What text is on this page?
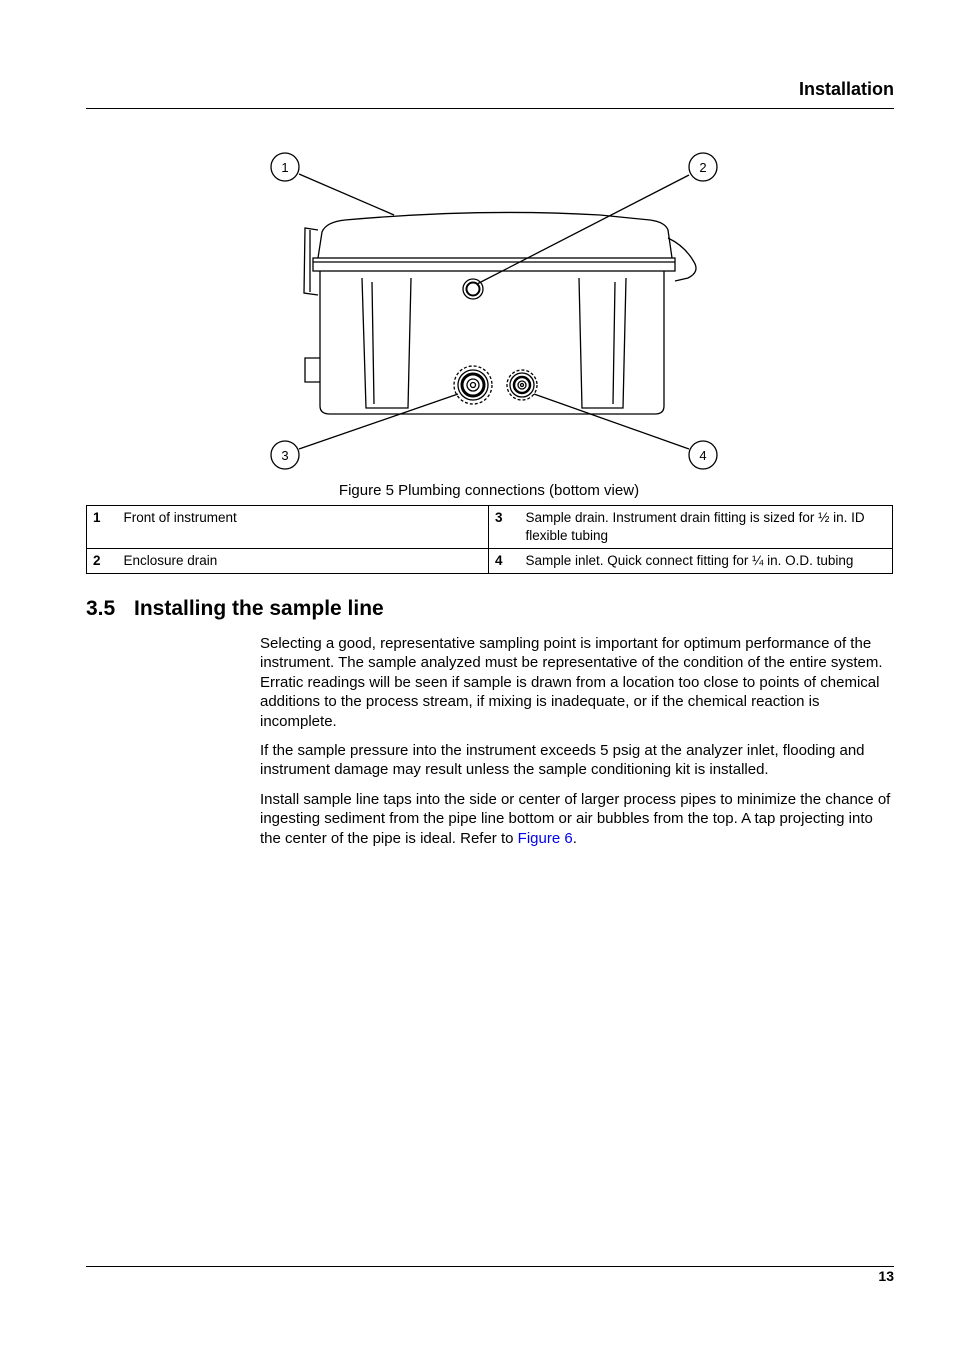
Installation
1	2
3	4
Figure 5 Plumbing connections (bottom view)
1	Front of instrument	3	Sample drain. Instrument drain fitting is sized for ½ in. ID flexible tubing
2	Enclosure drain	4	Sample inlet. Quick connect fitting for ¼ in. O.D. tubing
3.5 Installing the sample line

Selecting a good, representative sampling point is important for optimum performance of the instrument. The sample analyzed must be representative of the condition of the entire system. Erratic readings will be seen if sample is drawn from a location too close to points of chemical additions to the process stream, if mixing is inadequate, or if the chemical reaction is incomplete.

If the sample pressure into the instrument exceeds 5 psig at the analyzer inlet, flooding and instrument damage may result unless the sample conditioning kit is installed.

Install sample line taps into the side or center of larger process pipes to minimize the chance of ingesting sediment from the pipe line bottom or air bubbles from the top. A tap projecting into the center of the pipe is ideal. Refer to Figure 6.

13
